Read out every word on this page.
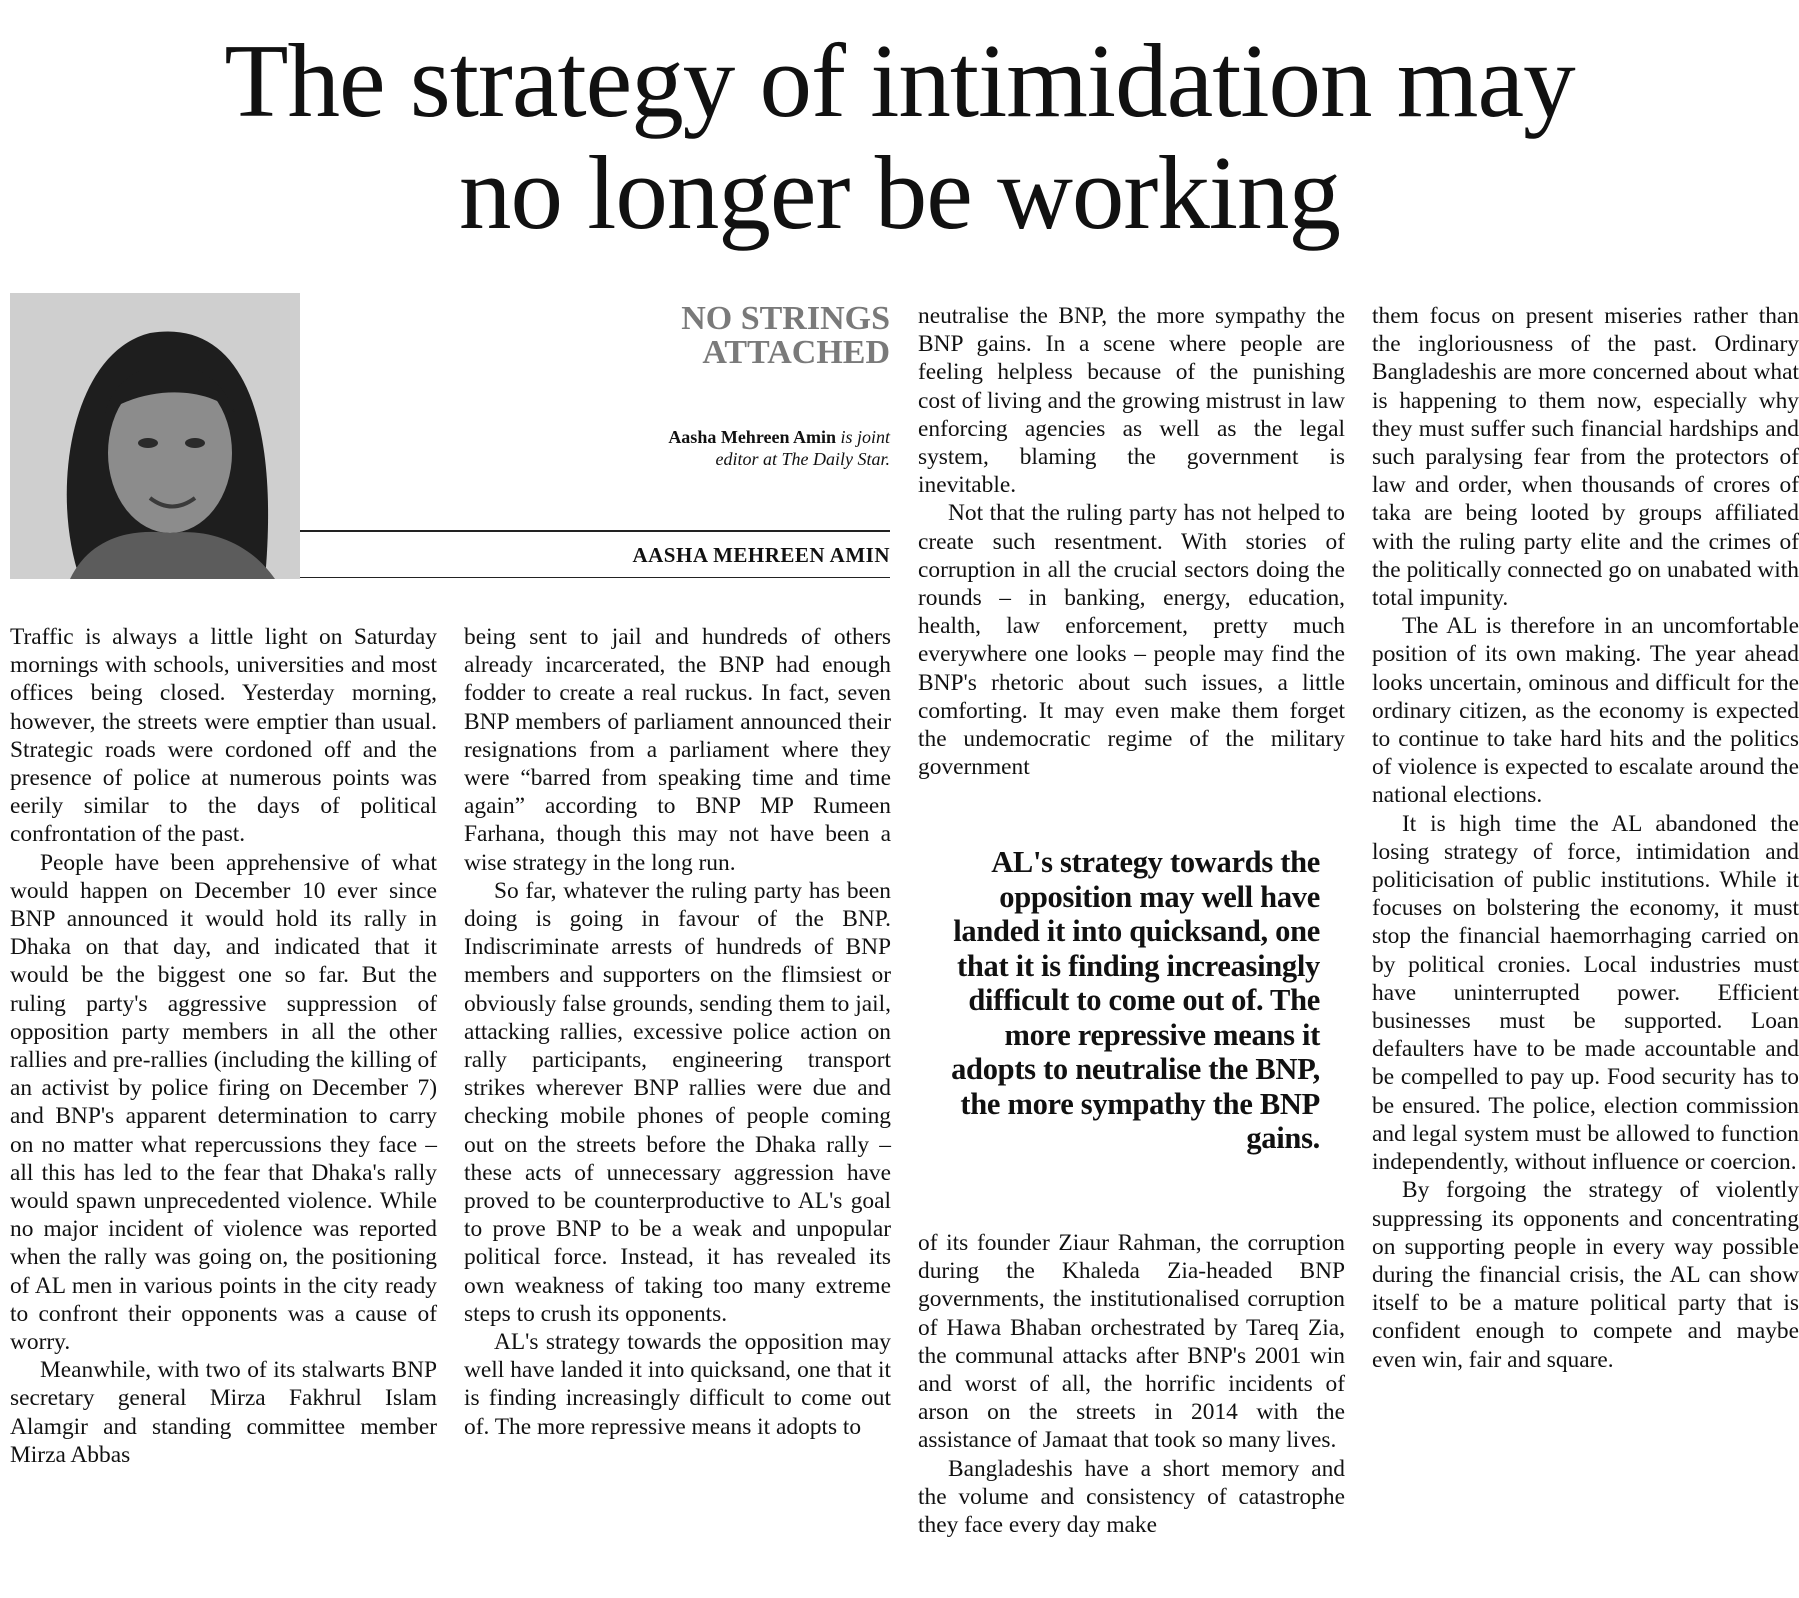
The strategy of intimidation may
no longer be working
NO STRINGS
ATTACHED
Aasha Mehreen Amin is joint
editor at The Daily Star.
AASHA MEHREEN AMIN

Traffic is always a little light on Saturday mornings with schools, universities and most offices being closed. Yesterday morning, however, the streets were emptier than usual. Strategic roads were cordoned off and the presence of police at numerous points was eerily similar to the days of political confrontation of the past.

People have been apprehensive of what would happen on December 10 ever since BNP announced it would hold its rally in Dhaka on that day, and indicated that it would be the biggest one so far. But the ruling party's aggressive suppression of opposition party members in all the other rallies and pre-rallies (including the killing of an activist by police firing on December 7) and BNP's apparent determination to carry on no matter what repercussions they face – all this has led to the fear that Dhaka's rally would spawn unprecedented violence. While no major incident of violence was reported when the rally was going on, the positioning of AL men in various points in the city ready to confront their opponents was a cause of worry.

Meanwhile, with two of its stalwarts BNP secretary general Mirza Fakhrul Islam Alamgir and standing committee member Mirza Abbas

being sent to jail and hundreds of others already incarcerated, the BNP had enough fodder to create a real ruckus. In fact, seven BNP members of parliament announced their resignations from a parliament where they were “barred from speaking time and time again” according to BNP MP Rumeen Farhana, though this may not have been a wise strategy in the long run.

So far, whatever the ruling party has been doing is going in favour of the BNP. Indiscriminate arrests of hundreds of BNP members and supporters on the flimsiest or obviously false grounds, sending them to jail, attacking rallies, excessive police action on rally participants, engineering transport strikes wherever BNP rallies were due and checking mobile phones of people coming out on the streets before the Dhaka rally – these acts of unnecessary aggression have proved to be counterproductive to AL's goal to prove BNP to be a weak and unpopular political force. Instead, it has revealed its own weakness of taking too many extreme steps to crush its opponents.

AL's strategy towards the opposition may well have landed it into quicksand, one that it is finding increasingly difficult to come out of. The more repressive means it adopts to

neutralise the BNP, the more sympathy the BNP gains. In a scene where people are feeling helpless because of the punishing cost of living and the growing mistrust in law enforcing agencies as well as the legal system, blaming the government is inevitable.

Not that the ruling party has not helped to create such resentment. With stories of corruption in all the crucial sectors doing the rounds – in banking, energy, education, health, law enforcement, pretty much everywhere one looks – people may find the BNP's rhetoric about such issues, a little comforting. It may even make them forget the undemocratic regime of the military government

AL's strategy towards the opposition may well have landed it into quicksand, one that it is finding increasingly difficult to come out of. The more repressive means it adopts to neutralise the BNP, the more sympathy the BNP gains.

of its founder Ziaur Rahman, the corruption during the Khaleda Zia-headed BNP governments, the institutionalised corruption of Hawa Bhaban orchestrated by Tareq Zia, the communal attacks after BNP's 2001 win and worst of all, the horrific incidents of arson on the streets in 2014 with the assistance of Jamaat that took so many lives.

Bangladeshis have a short memory and the volume and consistency of catastrophe they face every day make

them focus on present miseries rather than the ingloriousness of the past. Ordinary Bangladeshis are more concerned about what is happening to them now, especially why they must suffer such financial hardships and such paralysing fear from the protectors of law and order, when thousands of crores of taka are being looted by groups affiliated with the ruling party elite and the crimes of the politically connected go on unabated with total impunity.

The AL is therefore in an uncomfortable position of its own making. The year ahead looks uncertain, ominous and difficult for the ordinary citizen, as the economy is expected to continue to take hard hits and the politics of violence is expected to escalate around the national elections.

It is high time the AL abandoned the losing strategy of force, intimidation and politicisation of public institutions. While it focuses on bolstering the economy, it must stop the financial haemorrhaging carried on by political cronies. Local industries must have uninterrupted power. Efficient businesses must be supported. Loan defaulters have to be made accountable and be compelled to pay up. Food security has to be ensured. The police, election commission and legal system must be allowed to function independently, without influence or coercion.

By forgoing the strategy of violently suppressing its opponents and concentrating on supporting people in every way possible during the financial crisis, the AL can show itself to be a mature political party that is confident enough to compete and maybe even win, fair and square.
